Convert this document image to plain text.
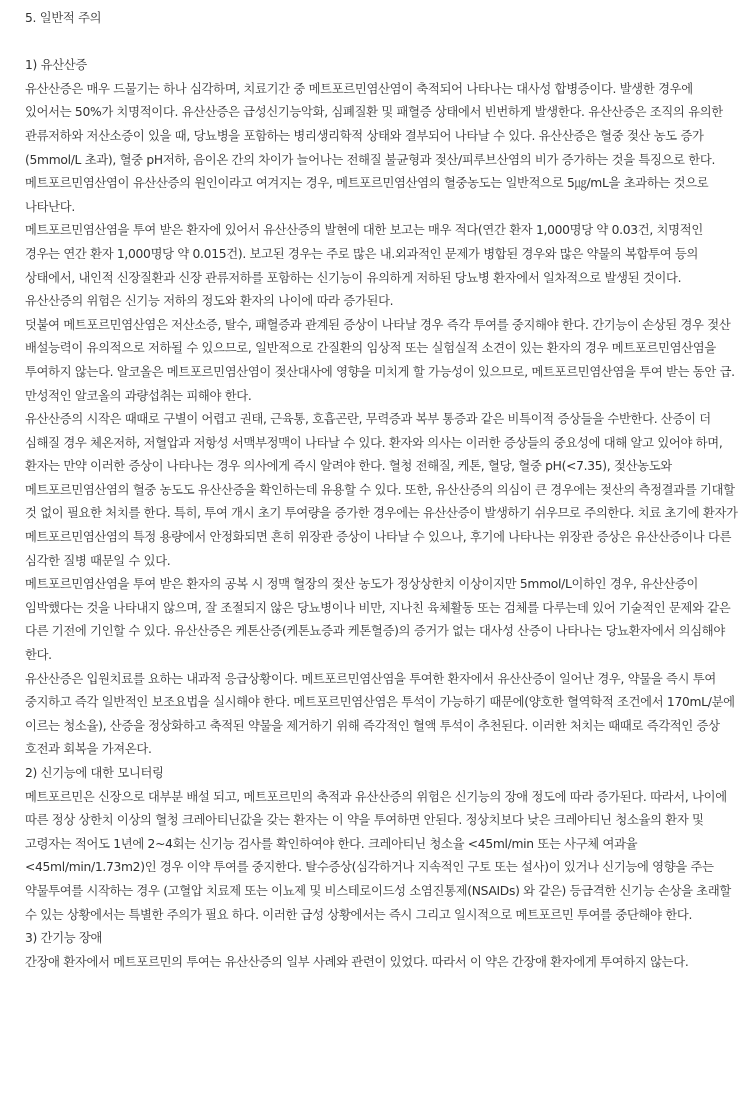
5. 일반적 주의
1) 유산산증

유산산증은 매우 드물기는 하나 심각하며, 치료기간 중 메트포르민염산염이 축적되어 나타나는 대사성 합병증이다. 발생한 경우에 있어서는 50%가 치명적이다. 유산산증은 급성신기능악화, 심폐질환 및 패혈증 상태에서 빈번하게 발생한다. 유산산증은 조직의 유의한 관류저하와 저산소증이 있을 때, 당뇨병을 포함하는 병리생리학적 상태와 결부되어 나타날 수 있다. 유산산증은 혈중 젖산 농도 증가(5mmol/L 초과), 혈중 pH저하, 음이온 간의 차이가 늘어나는 전해질 불균형과 젖산/피루브산염의 비가 증가하는 것을 특징으로 한다. 메트포르민염산염이 유산산증의 원인이라고 여겨지는 경우, 메트포르민염산염의 혈중농도는 일반적으로 5㎍/mL을 초과하는 것으로 나타난다.

메트포르민염산염을 투여 받은 환자에 있어서 유산산증의 발현에 대한 보고는 매우 적다(연간 환자 1,000명당 약 0.03건, 치명적인 경우는 연간 환자 1,000명당 약 0.015건). 보고된 경우는 주로 많은 내.외과적인 문제가 병합된 경우와 많은 약물의 복합투여 등의 상태에서, 내인적 신장질환과 신장 관류저하를 포함하는 신기능이 유의하게 저하된 당뇨병 환자에서 일차적으로 발생된 것이다. 유산산증의 위험은 신기능 저하의 정도와 환자의 나이에 따라 증가된다.

덧붙여 메트포르민염산염은 저산소증, 탈수, 패혈증과 관계된 증상이 나타날 경우 즉각 투여를 중지해야 한다. 간기능이 손상된 경우 젖산 배설능력이 유의적으로 저하될 수 있으므로, 일반적으로 간질환의 임상적 또는 실험실적 소견이 있는 환자의 경우 메트포르민염산염을 투여하지 않는다. 알코올은 메트포르민염산염이 젖산대사에 영향을 미치게 할 가능성이 있으므로, 메트포르민염산염을 투여 받는 동안 급.만성적인 알코올의 과량섭취는 피해야 한다.

유산산증의 시작은 때때로 구별이 어렵고 권태, 근육통, 호흡곤란, 무력증과 복부 통증과 같은 비특이적 증상들을 수반한다. 산증이 더 심해질 경우 체온저하, 저혈압과 저항성 서맥부정맥이 나타날 수 있다. 환자와 의사는 이러한 증상들의 중요성에 대해 알고 있어야 하며, 환자는 만약 이러한 증상이 나타나는 경우 의사에게 즉시 알려야 한다. 혈청 전해질, 케톤, 혈당, 혈중 pH(<7.35), 젖산농도와 메트포르민염산염의 혈중 농도도 유산산증을 확인하는데 유용할 수 있다. 또한, 유산산증의 의심이 큰 경우에는 젖산의 측정결과를 기대할 것 없이 필요한 처치를 한다. 특히, 투여 개시 초기 투여량을 증가한 경우에는 유산산증이 발생하기 쉬우므로 주의한다. 치료 초기에 환자가 메트포르민염산염의 특정 용량에서 안정화되면 흔히 위장관 증상이 나타날 수 있으나, 후기에 나타나는 위장관 증상은 유산산증이나 다른 심각한 질병 때문일 수 있다.

메트포르민염산염을 투여 받은 환자의 공복 시 정맥 혈장의 젖산 농도가 정상상한치 이상이지만 5mmol/L이하인 경우, 유산산증이 임박했다는 것을 나타내지 않으며, 잘 조절되지 않은 당뇨병이나 비만, 지나친 육체활동 또는 검체를 다루는데 있어 기술적인 문제와 같은 다른 기전에 기인할 수 있다. 유산산증은 케톤산증(케톤뇨증과 케톤혈증)의 증거가 없는 대사성 산증이 나타나는 당뇨환자에서 의심해야 한다.

유산산증은 입원치료를 요하는 내과적 응급상황이다. 메트포르민염산염을 투여한 환자에서 유산산증이 일어난 경우, 약물을 즉시 투여 중지하고 즉각 일반적인 보조요법을 실시해야 한다. 메트포르민염산염은 투석이 가능하기 때문에(양호한 혈역학적 조건에서 170mL/분에 이르는 청소율), 산증을 정상화하고 축적된 약물을 제거하기 위해 즉각적인 혈액 투석이 추천된다. 이러한 처치는 때때로 즉각적인 증상 호전과 회복을 가져온다.

2) 신기능에 대한 모니터링

메트포르민은 신장으로 대부분 배설 되고, 메트포르민의 축적과 유산산증의 위험은 신기능의 장애 정도에 따라 증가된다. 따라서, 나이에 따른 정상 상한치 이상의 혈청 크레아티닌값을 갖는 환자는 이 약을 투여하면 안된다. 정상치보다 낮은 크레아티닌 청소율의 환자 및 고령자는 적어도 1년에 2~4회는 신기능 검사를 확인하여야 한다. 크레아티닌 청소율 <45ml/min 또는 사구체 여과율 <45ml/min/1.73m2)인 경우 이약 투여를 중지한다. 탈수증상(심각하거나 지속적인 구토 또는 설사)이 있거나 신기능에 영향을 주는 약물투여를 시작하는 경우 (고혈압 치료제 또는 이뇨제 및 비스테로이드성 소염진통제(NSAIDs) 와 같은) 등급격한 신기능 손상을 초래할 수 있는 상황에서는 특별한 주의가 필요 하다. 이러한 급성 상황에서는 즉시 그리고 일시적으로 메트포르민 투여를 중단해야 한다.

3) 간기능 장애

간장애 환자에서 메트포르민의 투여는 유산산증의 일부 사례와 관련이 있었다. 따라서 이 약은 간장애 환자에게 투여하지 않는다.
